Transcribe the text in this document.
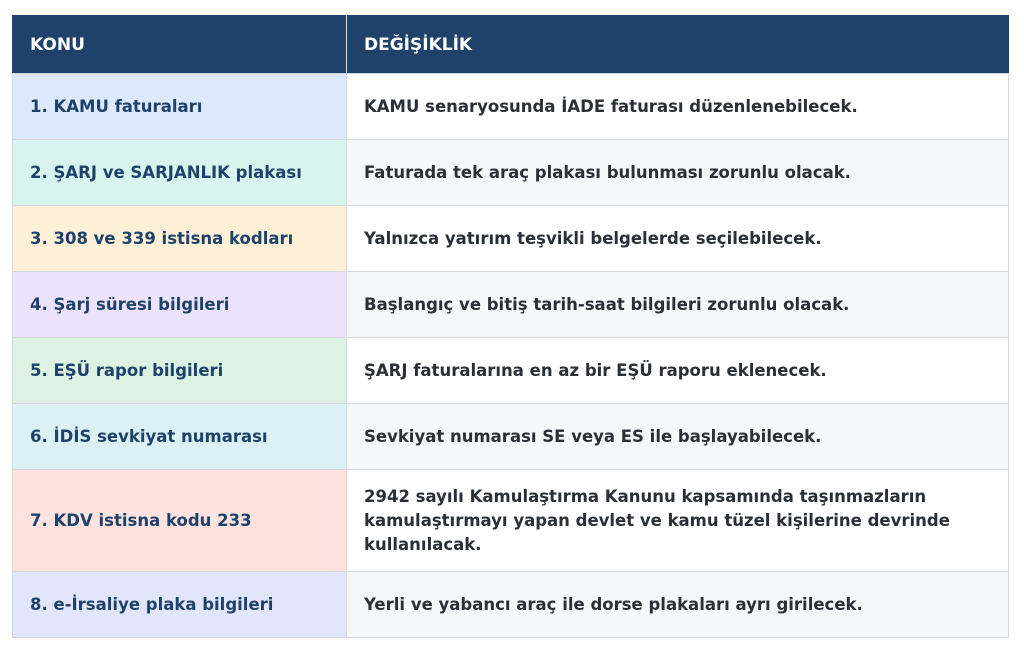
KONU	DEĞİŞİKLİK
1. KAMU faturaları	KAMU senaryosunda İADE faturası düzenlenebilecek.
2. ŞARJ ve SARJANLIK plakası	Faturada tek araç plakası bulunması zorunlu olacak.
3. 308 ve 339 istisna kodları	Yalnızca yatırım teşvikli belgelerde seçilebilecek.
4. Şarj süresi bilgileri	Başlangıç ve bitiş tarih-saat bilgileri zorunlu olacak.
5. EŞÜ rapor bilgileri	ŞARJ faturalarına en az bir EŞÜ raporu eklenecek.
6. İDİS sevkiyat numarası	Sevkiyat numarası SE veya ES ile başlayabilecek.
7. KDV istisna kodu 233	2942 sayılı Kamulaştırma Kanunu kapsamında taşınmazların kamulaştırmayı yapan devlet ve kamu tüzel kişilerine devrinde kullanılacak.
8. e-İrsaliye plaka bilgileri	Yerli ve yabancı araç ile dorse plakaları ayrı girilecek.
